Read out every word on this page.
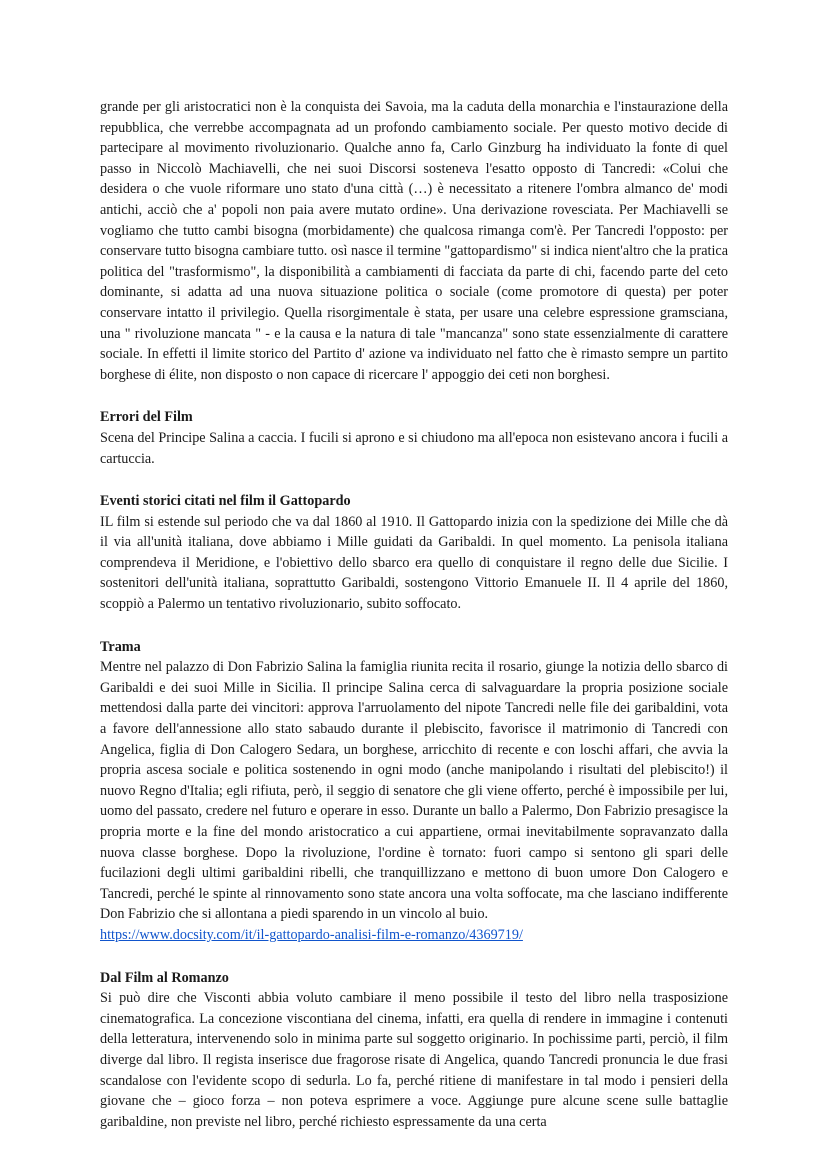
grande per gli aristocratici non è la conquista dei Savoia, ma la caduta della monarchia e l'instaurazione della repubblica, che verrebbe accompagnata ad un profondo cambiamento sociale. Per questo motivo decide di partecipare al movimento rivoluzionario. Qualche anno fa, Carlo Ginzburg ha individuato la fonte di quel passo in Niccolò Machiavelli, che nei suoi Discorsi sosteneva l'esatto opposto di Tancredi: «Colui che desidera o che vuole riformare uno stato d'una città (…) è necessitato a ritenere l'ombra almanco de' modi antichi, acciò che a' popoli non paia avere mutato ordine». Una derivazione rovesciata. Per Machiavelli se vogliamo che tutto cambi bisogna (morbidamente) che qualcosa rimanga com'è. Per Tancredi l'opposto: per conservare tutto bisogna cambiare tutto. osì nasce il termine "gattopardismo" si indica nient'altro che la pratica politica del "trasformismo", la disponibilità a cambiamenti di facciata da parte di chi, facendo parte del ceto dominante, si adatta ad una nuova situazione politica o sociale (come promotore di questa) per poter conservare intatto il privilegio. Quella risorgimentale è stata, per usare una celebre espressione gramsciana, una " rivoluzione mancata " - e la causa e la natura di tale "mancanza" sono state essenzialmente di carattere sociale. In effetti il limite storico del Partito d' azione va individuato nel fatto che è rimasto sempre un partito borghese di élite, non disposto o non capace di ricercare l' appoggio dei ceti non borghesi.

Errori del Film

Scena del Principe Salina a caccia. I fucili si aprono e si chiudono ma all'epoca non esistevano ancora i fucili a cartuccia.

Eventi storici citati nel film il Gattopardo

IL film si estende sul periodo che va dal 1860 al 1910. Il Gattopardo inizia con la spedizione dei Mille che dà il via all'unità italiana, dove abbiamo i Mille guidati da Garibaldi. In quel momento. La penisola italiana comprendeva il Meridione, e l'obiettivo dello sbarco era quello di conquistare il regno delle due Sicilie. I sostenitori dell'unità italiana, soprattutto Garibaldi, sostengono Vittorio Emanuele II. Il 4 aprile del 1860, scoppiò a Palermo un tentativo rivoluzionario, subito soffocato.

Trama

Mentre nel palazzo di Don Fabrizio Salina la famiglia riunita recita il rosario, giunge la notizia dello sbarco di Garibaldi e dei suoi Mille in Sicilia. Il principe Salina cerca di salvaguardare la propria posizione sociale mettendosi dalla parte dei vincitori: approva l'arruolamento del nipote Tancredi nelle file dei garibaldini, vota a favore dell'annessione allo stato sabaudo durante il plebiscito, favorisce il matrimonio di Tancredi con Angelica, figlia di Don Calogero Sedara, un borghese, arricchito di recente e con loschi affari, che avvia la propria ascesa sociale e politica sostenendo in ogni modo (anche manipolando i risultati del plebiscito!) il nuovo Regno d'Italia; egli rifiuta, però, il seggio di senatore che gli viene offerto, perché è impossibile per lui, uomo del passato, credere nel futuro e operare in esso. Durante un ballo a Palermo, Don Fabrizio presagisce la propria morte e la fine del mondo aristocratico a cui appartiene, ormai inevitabilmente sopravanzato dalla nuova classe borghese. Dopo la rivoluzione, l'ordine è tornato: fuori campo si sentono gli spari delle fucilazioni degli ultimi garibaldini ribelli, che tranquillizzano e mettono di buon umore Don Calogero e Tancredi, perché le spinte al rinnovamento sono state ancora una volta soffocate, ma che lasciano indifferente Don Fabrizio che si allontana a piedi sparendo in un vincolo al buio.

https://www.docsity.com/it/il-gattopardo-analisi-film-e-romanzo/4369719/
Dal Film al Romanzo

Si può dire che Visconti abbia voluto cambiare il meno possibile il testo del libro nella trasposizione cinematografica. La concezione viscontiana del cinema, infatti, era quella di rendere in immagine i contenuti della letteratura, intervenendo solo in minima parte sul soggetto originario. In pochissime parti, perciò, il film diverge dal libro. Il regista inserisce due fragorose risate di Angelica, quando Tancredi pronuncia le due frasi scandalose con l'evidente scopo di sedurla. Lo fa, perché ritiene di manifestare in tal modo i pensieri della giovane che – gioco forza – non poteva esprimere a voce. Aggiunge pure alcune scene sulle battaglie garibaldine, non previste nel libro, perché richiesto espressamente da una certa
